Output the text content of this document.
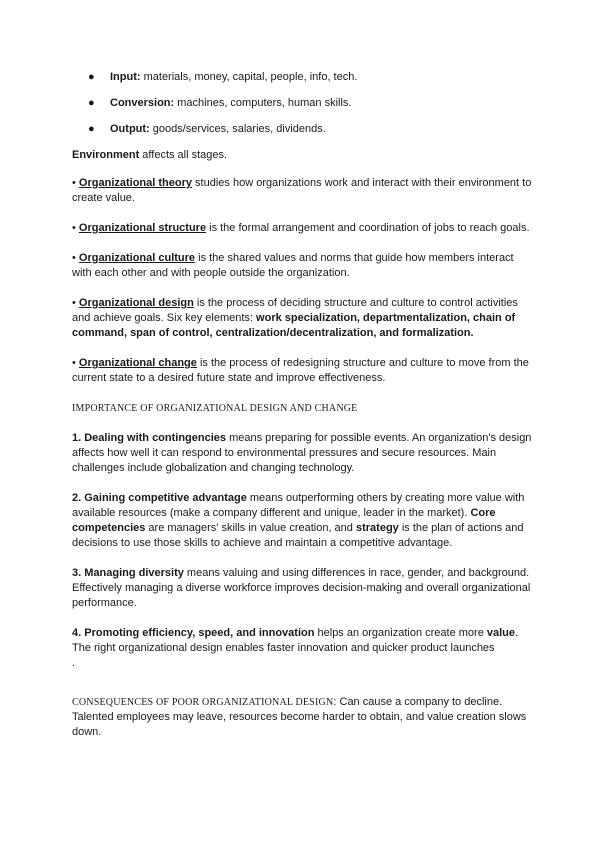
● Input: materials, money, capital, people, info, tech.
● Conversion: machines, computers, human skills.
● Output: goods/services, salaries, dividends.

Environment affects all stages.

• Organizational theory studies how organizations work and interact with their environment to create value.

• Organizational structure is the formal arrangement and coordination of jobs to reach goals.

• Organizational culture is the shared values and norms that guide how members interact with each other and with people outside the organization.

• Organizational design is the process of deciding structure and culture to control activities and achieve goals. Six key elements: work specialization, departmentalization, chain of command, span of control, centralization/decentralization, and formalization.

• Organizational change is the process of redesigning structure and culture to move from the current state to a desired future state and improve effectiveness.

IMPORTANCE OF ORGANIZATIONAL DESIGN AND CHANGE

1. Dealing with contingencies means preparing for possible events. An organization's design affects how well it can respond to environmental pressures and secure resources. Main challenges include globalization and changing technology.

2. Gaining competitive advantage means outperforming others by creating more value with available resources (make a company different and unique, leader in the market). Core competencies are managers' skills in value creation, and strategy is the plan of actions and decisions to use those skills to achieve and maintain a competitive advantage.

3. Managing diversity means valuing and using differences in race, gender, and background. Effectively managing a diverse workforce improves decision-making and overall organizational performance.

4. Promoting efficiency, speed, and innovation helps an organization create more value. The right organizational design enables faster innovation and quicker product launches
.

CONSEQUENCES OF POOR ORGANIZATIONAL DESIGN: Can cause a company to decline. Talented employees may leave, resources become harder to obtain, and value creation slows down.
